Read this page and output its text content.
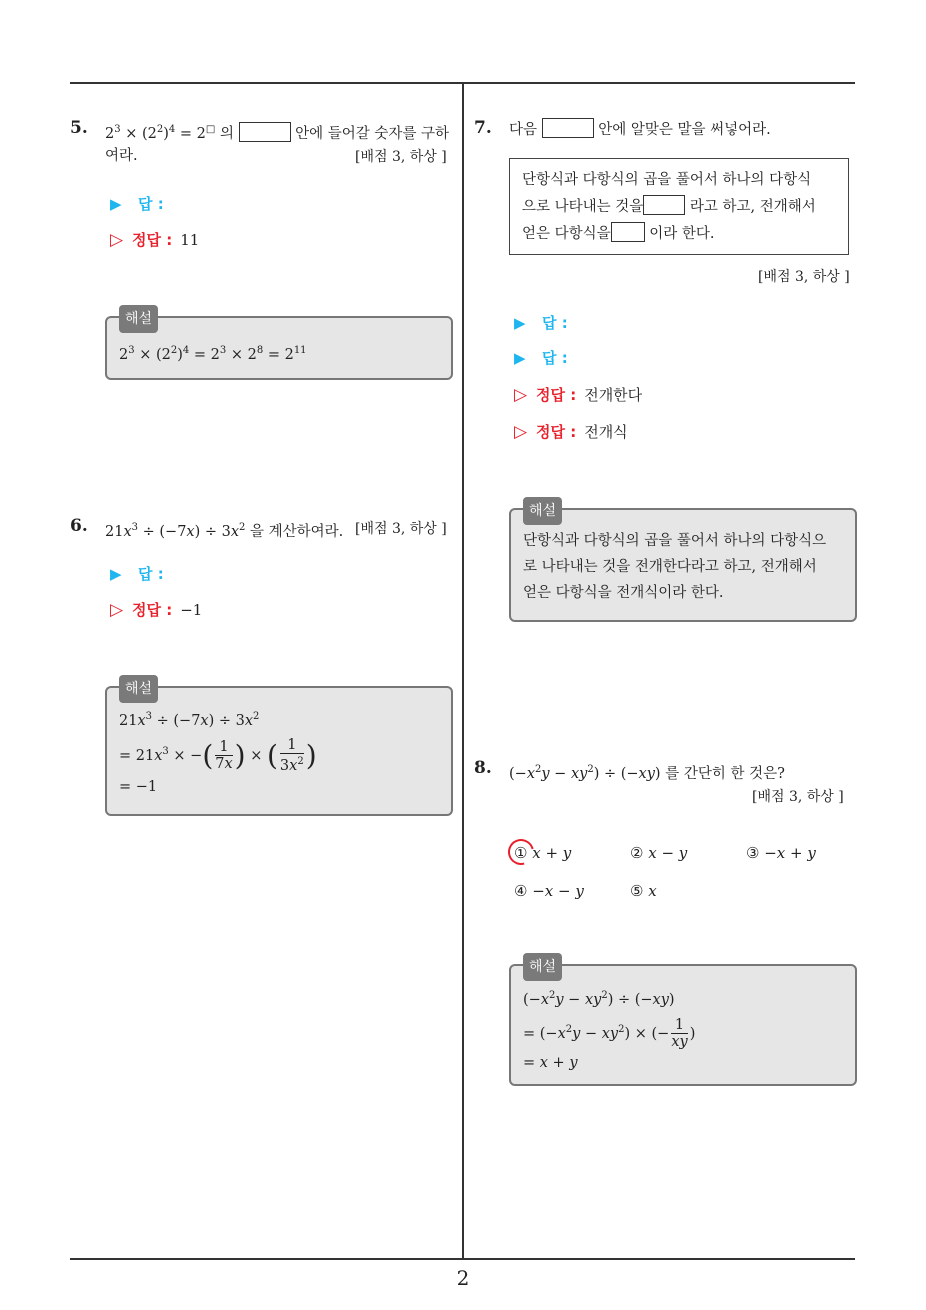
2
5. $2^3 \times (2^2)^4 = 2^□$ 의	안에 들어갈 숫자를 구하
여라.	[배점 3, 하상 ]
▶ 답 :
▷ 정답 : 11
해설
$2^3 \times (2^2)^4 = 2^3 \times 2^8 = 2^{11}$
6. $21x^3 \div (-7x) \div 3x^2$ 을 계산하여라. [배점 3, 하상 ]
▶ 답 :
▷ 정답 : −1
해설
$21x^3 \div (-7x) \div 3x^2$
= $21x^3$ × −( $\frac{1}{7x}$ ) × ( $\frac{1}{3x^2}$ )
= −1
7. 다음	안에 알맞은 말을 써넣어라.
단항식과 다항식의 곱을 풀어서 하나의 다항식
으로 나타내는 것을	라고 하고, 전개해서
얻은 다항식을	이라 한다.
[배점 3, 하상 ]
▶ 답 :
▶ 답 :
▷ 정답 : 전개한다
▷ 정답 : 전개식
해설
단항식과 다항식의 곱을 풀어서 하나의 다항식으
로 나타내는 것을 전개한다라고 하고, 전개해서
얻은 다항식을 전개식이라 한다.
8. $(-x^2y - xy^2) \div (-xy)$ 를 간단히 한 것은?
[배점 3, 하상 ]
① x + y	② x − y	③ −x + y
④ −x − y	⑤ x
해설
$(-x^2y - xy^2) \div (-xy)$
= $(-x^2y - xy^2)$ × (− $\frac{1}{xy}$ )
= x + y
